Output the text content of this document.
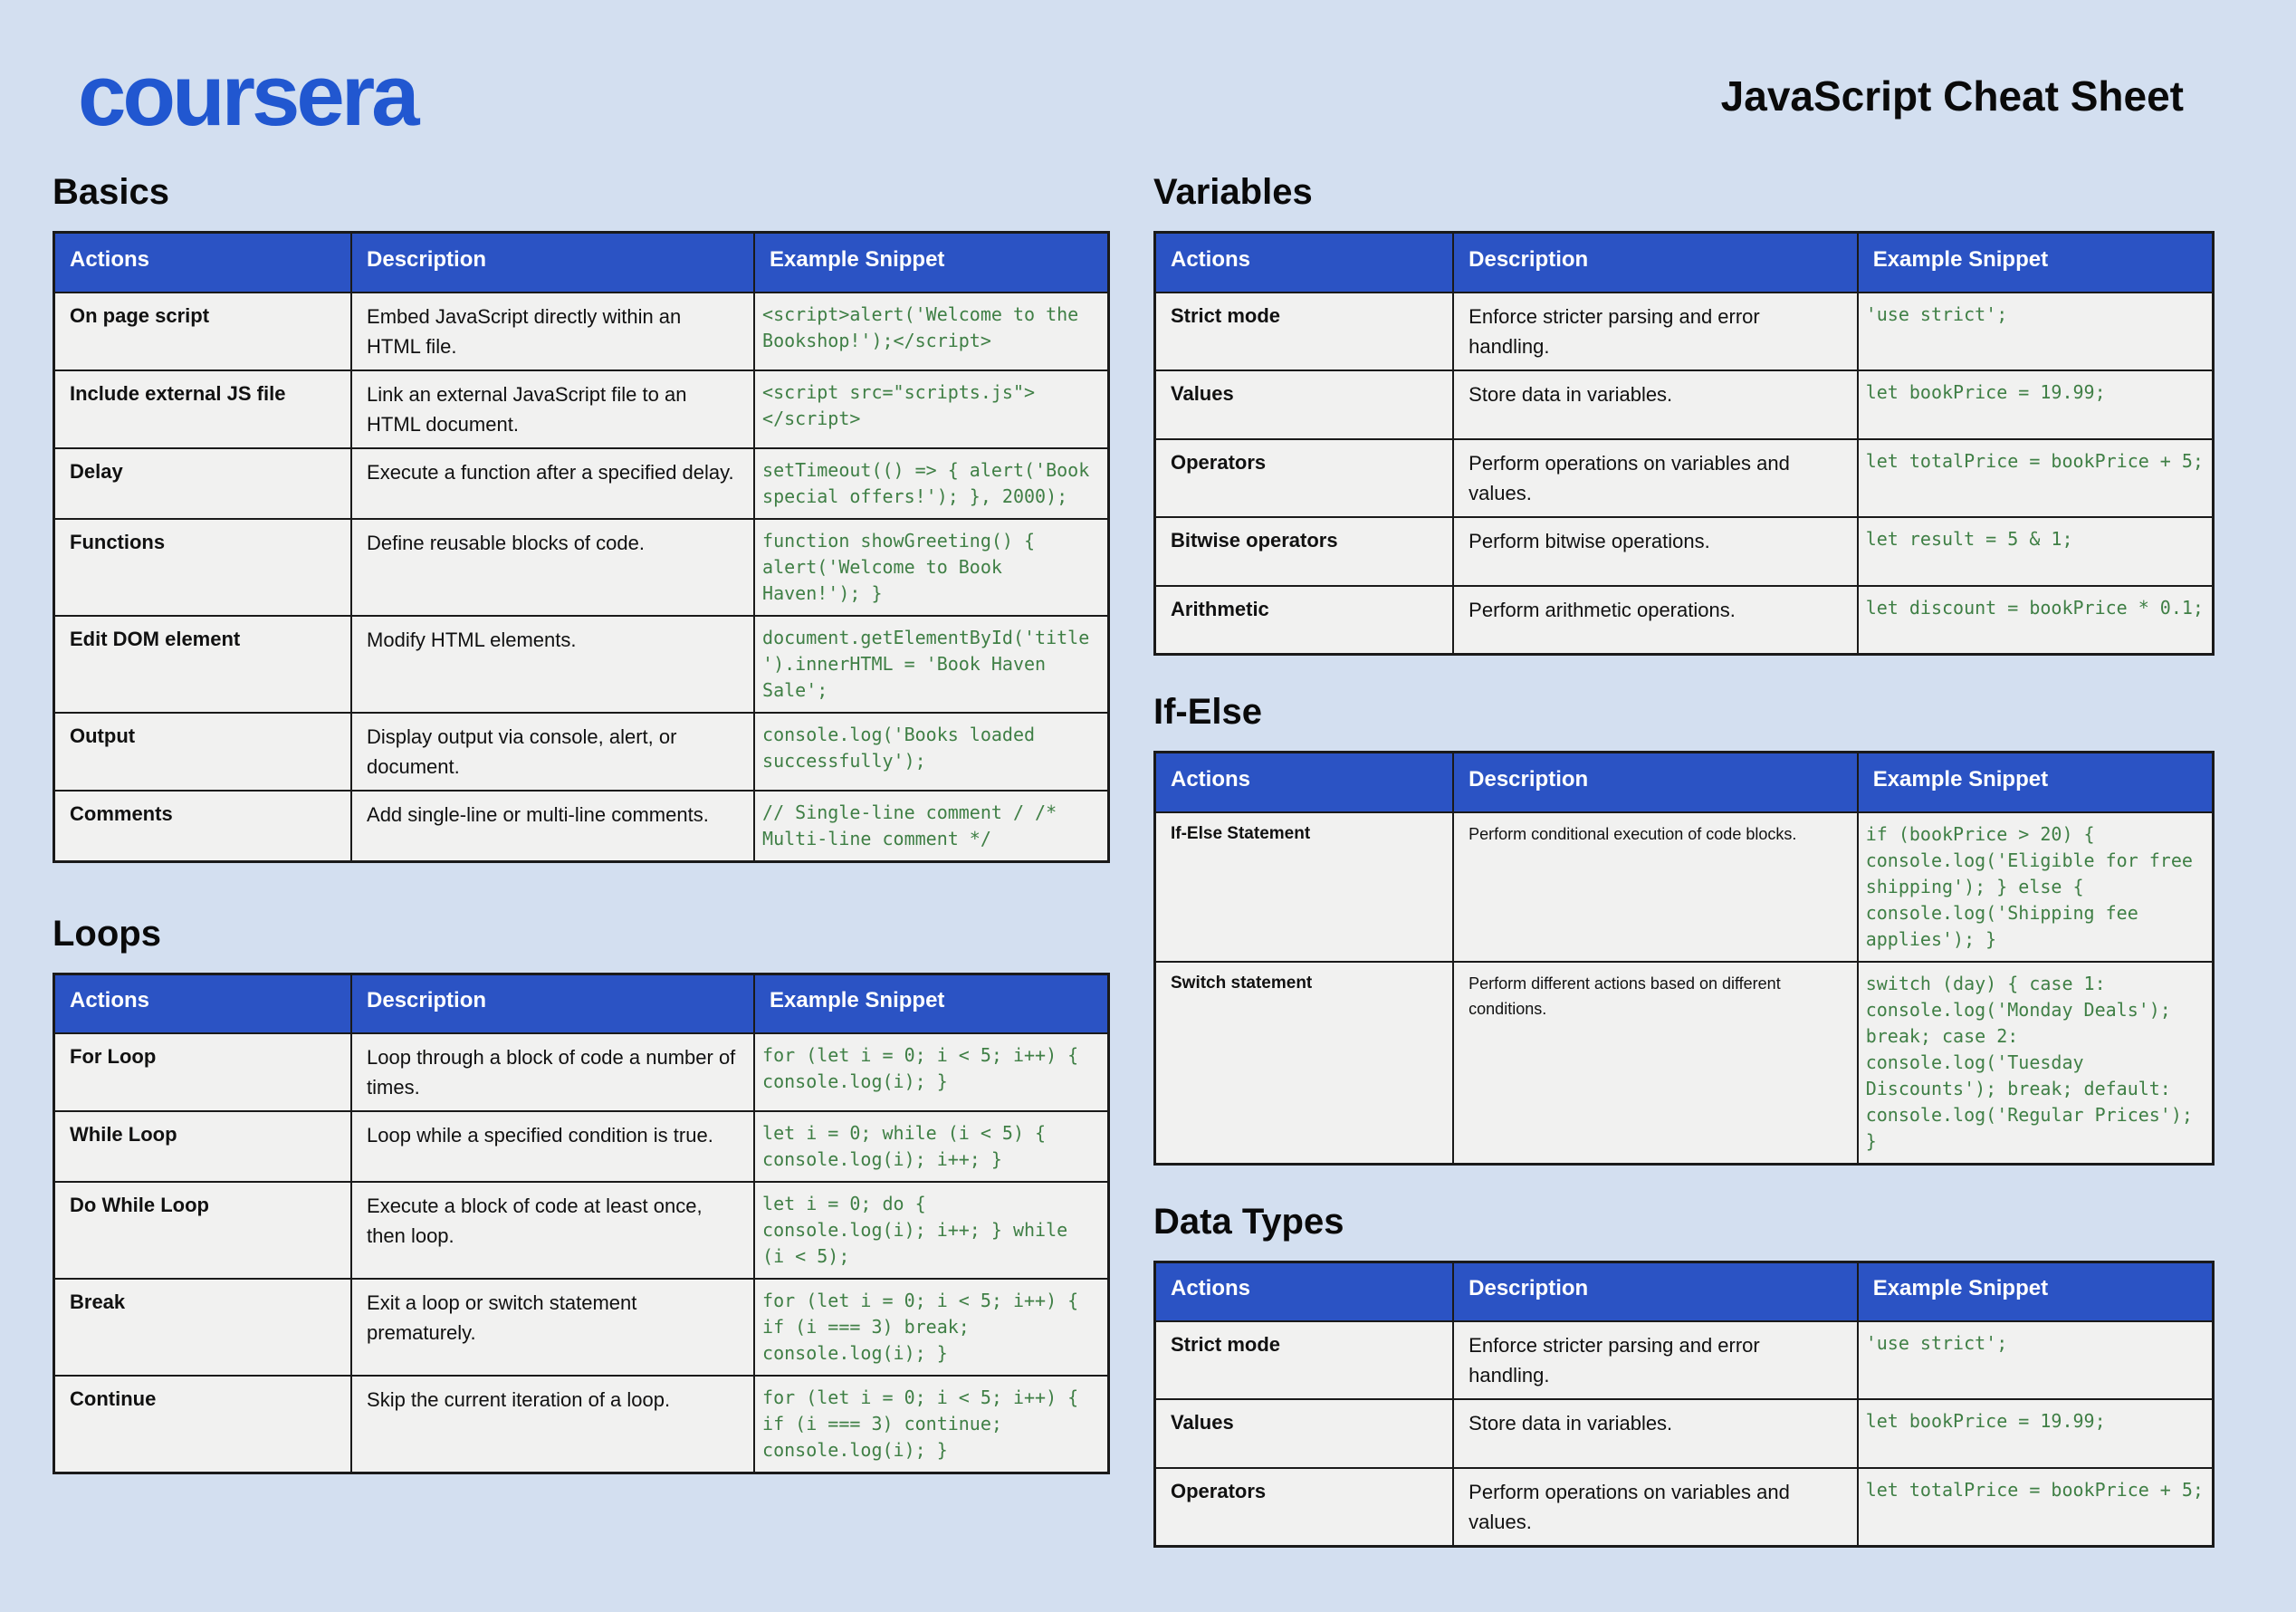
coursera	JavaScript Cheat Sheet
Basics
Actions	Description	Example Snippet
On page script	Embed JavaScript directly within an HTML file.	<script>alert('Welcome to the Bookshop!');</script>
Include external JS file	Link an external JavaScript file to an HTML document.	<script src="scripts.js"></script>
Delay	Execute a function after a specified delay.	setTimeout(() => { alert('Book special offers!'); }, 2000);
Functions	Define reusable blocks of code.	function showGreeting() { alert('Welcome to Book Haven!'); }
Edit DOM element	Modify HTML elements.	document.getElementById('title').innerHTML = 'Book Haven Sale';
Output	Display output via console, alert, or document.	console.log('Books loaded successfully');
Comments	Add single-line or multi-line comments.	// Single-line comment / /* Multi-line comment */
Loops
Actions	Description	Example Snippet
For Loop	Loop through a block of code a number of times.	for (let i = 0; i < 5; i++) { console.log(i); }
While Loop	Loop while a specified condition is true.	let i = 0; while (i < 5) { console.log(i); i++; }
Do While Loop	Execute a block of code at least once, then loop.	let i = 0; do { console.log(i); i++; } while (i < 5);
Break	Exit a loop or switch statement prematurely.	for (let i = 0; i < 5; i++) { if (i === 3) break; console.log(i); }
Continue	Skip the current iteration of a loop.	for (let i = 0; i < 5; i++) { if (i === 3) continue; console.log(i); }
Variables
Actions	Description	Example Snippet
Strict mode	Enforce stricter parsing and error handling.	'use strict';
Values	Store data in variables.	let bookPrice = 19.99;
Operators	Perform operations on variables and values.	let totalPrice = bookPrice + 5;
Bitwise operators	Perform bitwise operations.	let result = 5 & 1;
Arithmetic	Perform arithmetic operations.	let discount = bookPrice * 0.1;
If-Else
Actions	Description	Example Snippet
If-Else Statement	Perform conditional execution of code blocks.	if (bookPrice > 20) { console.log('Eligible for free shipping'); } else { console.log('Shipping fee applies'); }
Switch statement	Perform different actions based on different conditions.	switch (day) { case 1: console.log('Monday Deals'); break; case 2: console.log('Tuesday Discounts'); break; default: console.log('Regular Prices'); }
Data Types
Actions	Description	Example Snippet
Strict mode	Enforce stricter parsing and error handling.	'use strict';
Values	Store data in variables.	let bookPrice = 19.99;
Operators	Perform operations on variables and values.	let totalPrice = bookPrice + 5;
